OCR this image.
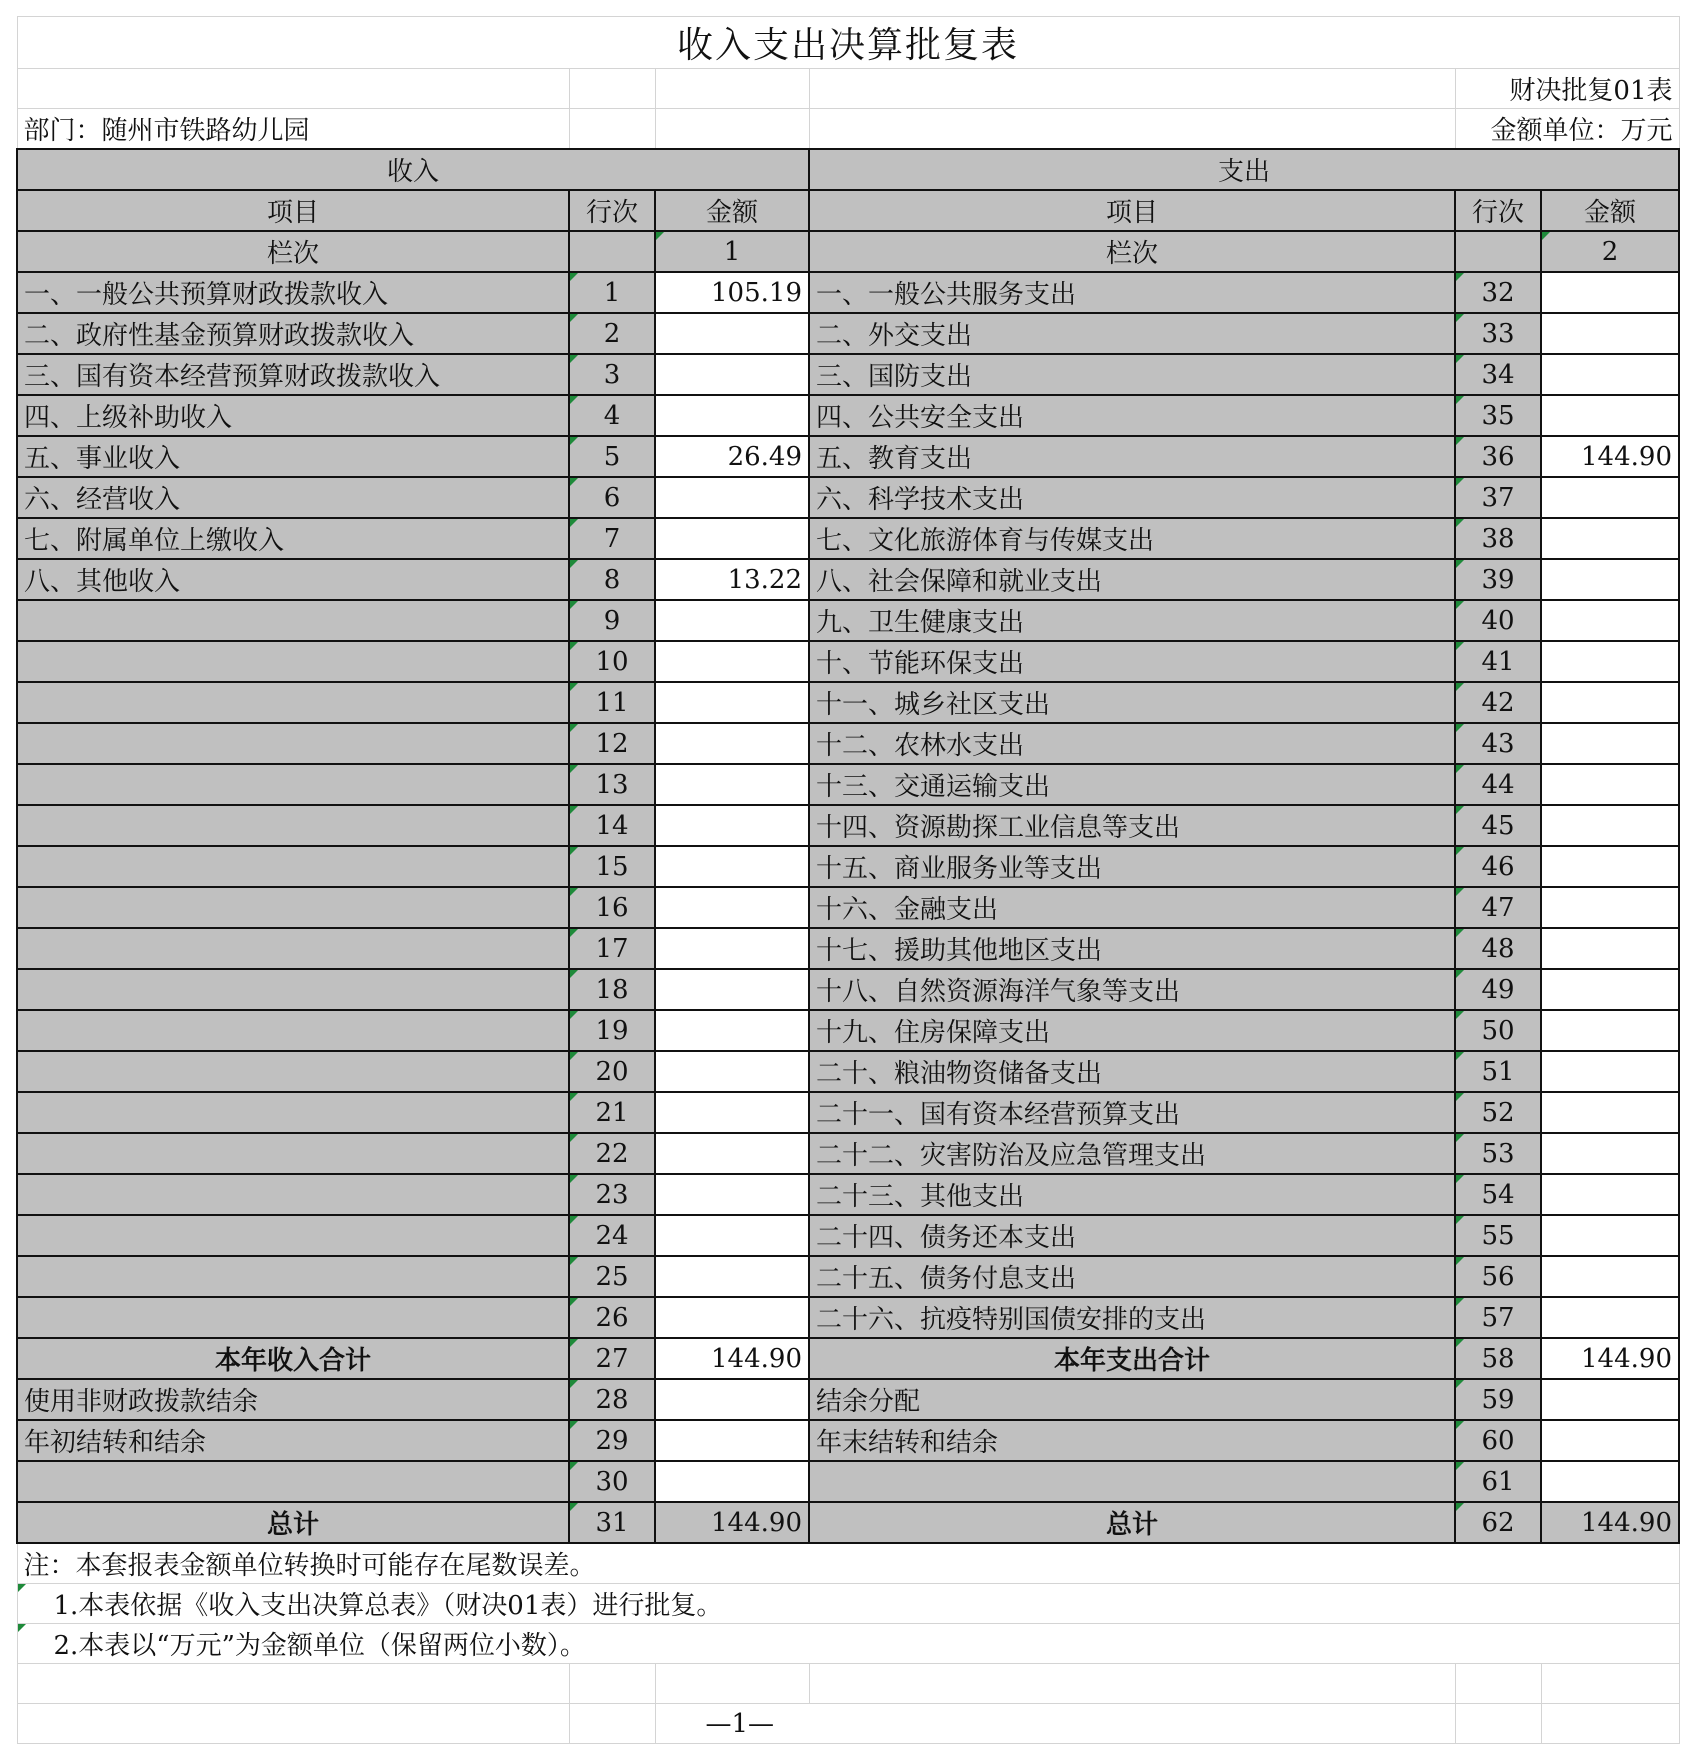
收入支出决算批复表					
				财决批复01表	
部门：随州市铁路幼儿园				金额单位：万元	
收入			支出		
项目	行次	金额	项目	行次	金额
栏次		1	栏次		2
一、一般公共预算财政拨款收入	1	105.19	一、一般公共服务支出	32	
二、政府性基金预算财政拨款收入	2		二、外交支出	33	
三、国有资本经营预算财政拨款收入	3		三、国防支出	34	
四、上级补助收入	4		四、公共安全支出	35	
五、事业收入	5	26.49	五、教育支出	36	144.90
六、经营收入	6		六、科学技术支出	37	
七、附属单位上缴收入	7		七、文化旅游体育与传媒支出	38	
八、其他收入	8	13.22	八、社会保障和就业支出	39	
	9		九、卫生健康支出	40	
	10		十、节能环保支出	41	
	11		十一、城乡社区支出	42	
	12		十二、农林水支出	43	
	13		十三、交通运输支出	44	
	14		十四、资源勘探工业信息等支出	45	
	15		十五、商业服务业等支出	46	
	16		十六、金融支出	47	
	17		十七、援助其他地区支出	48	
	18		十八、自然资源海洋气象等支出	49	
	19		十九、住房保障支出	50	
	20		二十、粮油物资储备支出	51	
	21		二十一、国有资本经营预算支出	52	
	22		二十二、灾害防治及应急管理支出	53	
	23		二十三、其他支出	54	
	24		二十四、债务还本支出	55	
	25		二十五、债务付息支出	56	
	26		二十六、抗疫特别国债安排的支出	57	
本年收入合计	27	144.90	本年支出合计	58	144.90
使用非财政拨款结余	28		结余分配	59	
年初结转和结余	29		年末结转和结余	60	
	30			61	
总计	31	144.90	总计	62	144.90
注：本套报表金额单位转换时可能存在尾数误差。					
1.本表依据《收入支出决算总表》（财决01表）进行批复。					
2.本表以“万元”为金额单位（保留两位小数）。					

		—1—			
